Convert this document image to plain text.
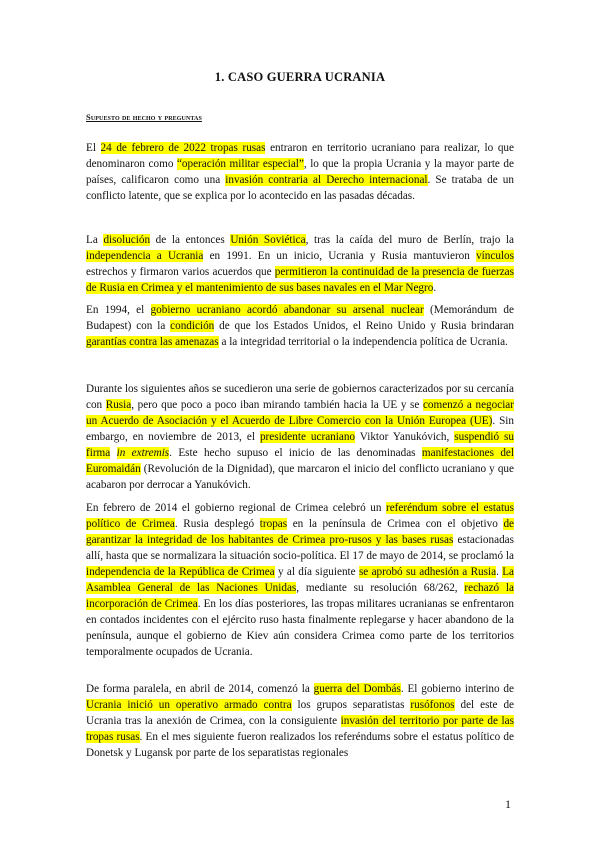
1. CASO GUERRA UCRANIA
Supuesto de hecho y preguntas
El 24 de febrero de 2022 tropas rusas entraron en territorio ucraniano para realizar, lo que denominaron como “operación militar especial”, lo que la propia Ucrania y la mayor parte de países, calificaron como una invasión contraria al Derecho internacional. Se trataba de un conflicto latente, que se explica por lo acontecido en las pasadas décadas.
La disolución de la entonces Unión Soviética, tras la caída del muro de Berlín, trajo la independencia a Ucrania en 1991. En un inicio, Ucrania y Rusia mantuvieron vínculos estrechos y firmaron varios acuerdos que permitieron la continuidad de la presencia de fuerzas de Rusia en Crimea y el mantenimiento de sus bases navales en el Mar Negro.
En 1994, el gobierno ucraniano acordó abandonar su arsenal nuclear (Memorándum de Budapest) con la condición de que los Estados Unidos, el Reino Unido y Rusia brindaran garantías contra las amenazas a la integridad territorial o la independencia política de Ucrania.
Durante los siguientes años se sucedieron una serie de gobiernos caracterizados por su cercanía con Rusia, pero que poco a poco iban mirando también hacia la UE y se comenzó a negociar un Acuerdo de Asociación y el Acuerdo de Libre Comercio con la Unión Europea (UE). Sin embargo, en noviembre de 2013, el presidente ucraniano Viktor Yanukóvich, suspendió su firma in extremis. Este hecho supuso el inicio de las denominadas manifestaciones del Euromaidán (Revolución de la Dignidad), que marcaron el inicio del conflicto ucraniano y que acabaron por derrocar a Yanukóvich.
En febrero de 2014 el gobierno regional de Crimea celebró un referéndum sobre el estatus político de Crimea. Rusia desplegó tropas en la península de Crimea con el objetivo de garantizar la integridad de los habitantes de Crimea pro-rusos y las bases rusas estacionadas allí, hasta que se normalizara la situación socio-política. El 17 de mayo de 2014, se proclamó la independencia de la República de Crimea y al día siguiente se aprobó su adhesión a Rusia. La Asamblea General de las Naciones Unidas, mediante su resolución 68/262, rechazó la incorporación de Crimea. En los días posteriores, las tropas militares ucranianas se enfrentaron en contados incidentes con el ejército ruso hasta finalmente replegarse y hacer abandono de la península, aunque el gobierno de Kiev aún considera Crimea como parte de los territorios temporalmente ocupados de Ucrania.
De forma paralela, en abril de 2014, comenzó la guerra del Dombás. El gobierno interino de Ucrania inició un operativo armado contra los grupos separatistas rusófonos del este de Ucrania tras la anexión de Crimea, con la consiguiente invasión del territorio por parte de las tropas rusas. En el mes siguiente fueron realizados los referéndums sobre el estatus político de Donetsk y Lugansk por parte de los separatistas regionales
1
